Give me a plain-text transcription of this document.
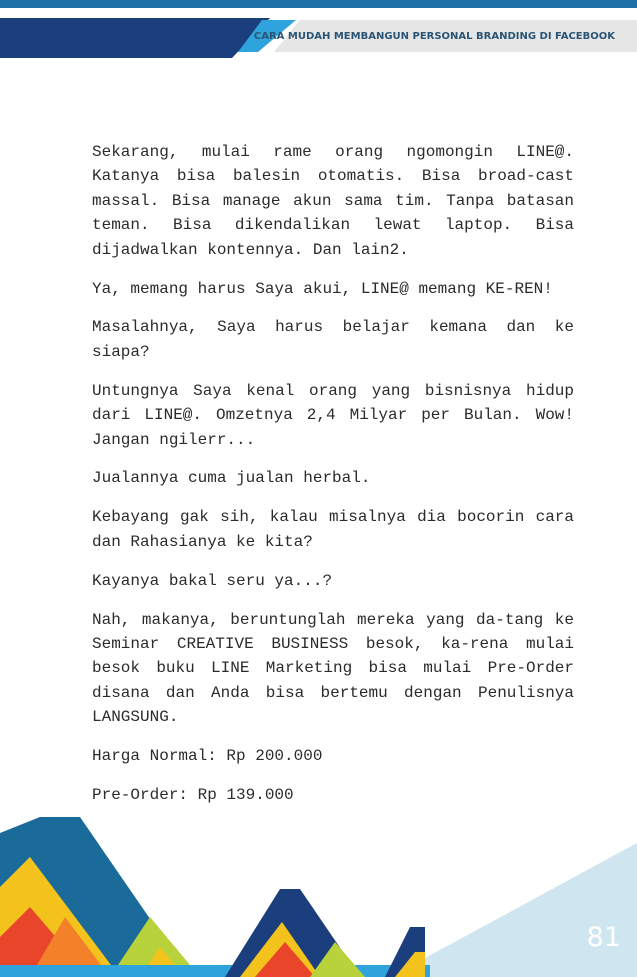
CARA MUDAH MEMBANGUN PERSONAL BRANDING DI FACEBOOK

Sekarang, mulai rame orang ngomongin LINE@. Katanya bisa balesin otomatis. Bisa broad-cast massal. Bisa manage akun sama tim. Tanpa batasan teman. Bisa dikendalikan lewat laptop. Bisa dijadwalkan kontennya. Dan lain2.

Ya, memang harus Saya akui, LINE@ memang KE-REN!

Masalahnya, Saya harus belajar kemana dan ke siapa?

Untungnya Saya kenal orang yang bisnisnya hidup dari LINE@. Omzetnya 2,4 Milyar per Bulan. Wow! Jangan ngilerr...

Jualannya cuma jualan herbal.

Kebayang gak sih, kalau misalnya dia bocorin cara dan Rahasianya ke kita?

Kayanya bakal seru ya...?

Nah, makanya, beruntunglah mereka yang da-tang ke Seminar CREATIVE BUSINESS besok, ka-rena mulai besok buku LINE Marketing bisa mulai Pre-Order disana dan Anda bisa bertemu dengan Penulisnya LANGSUNG.

Harga Normal: Rp 200.000

Pre-Order: Rp 139.000

81
